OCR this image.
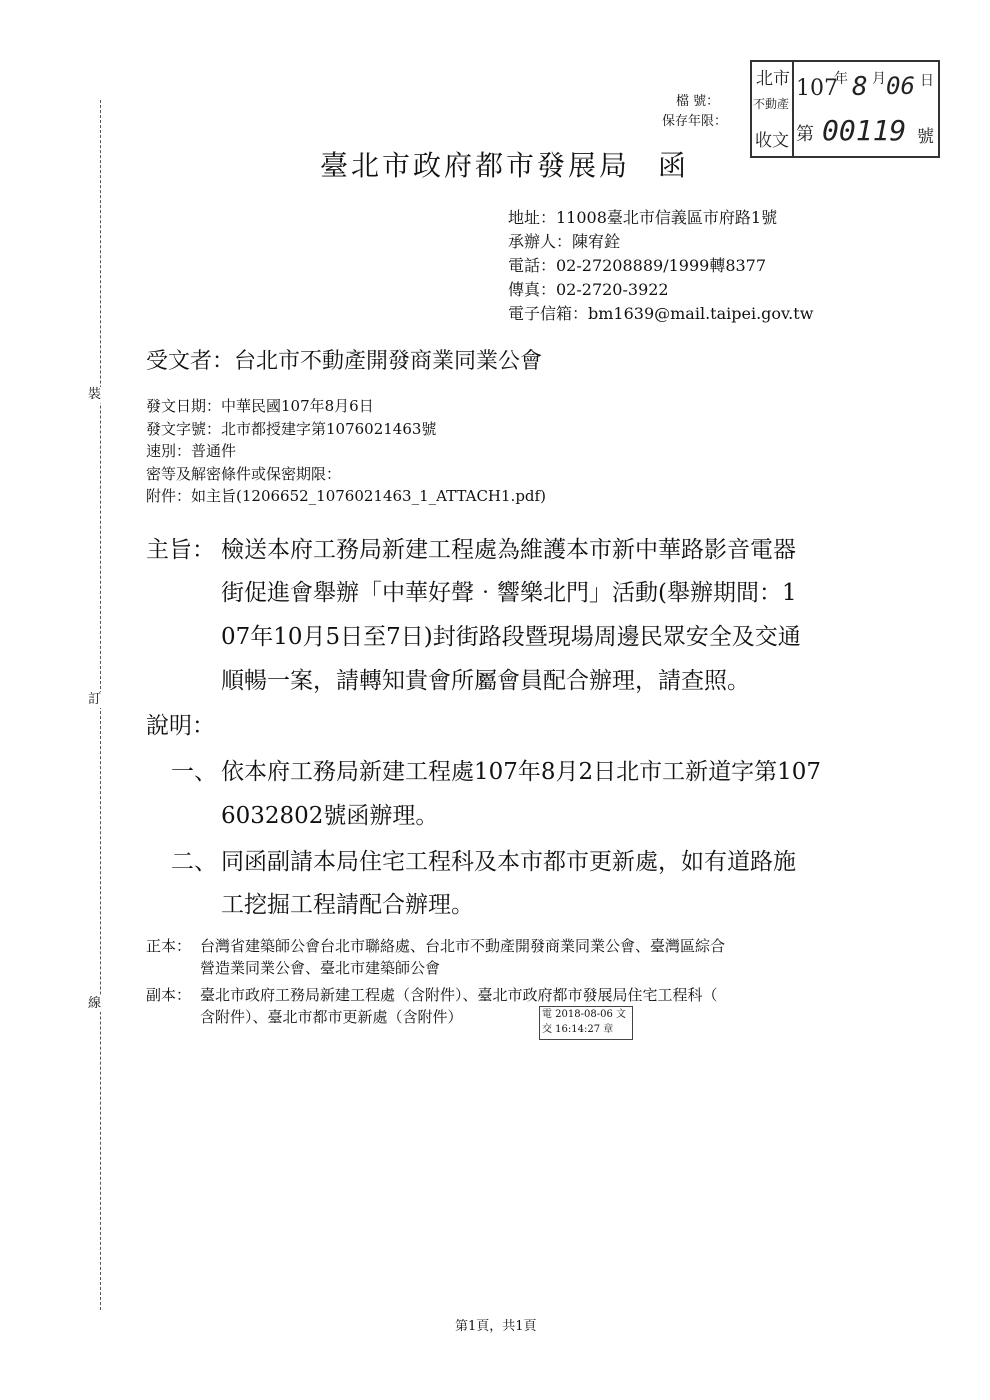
裝
訂
線
檔 號：
保存年限：
北市
不動產
收文
107
年 8 月 06 日
第 00119 號
臺北市政府都市發展局 函
地址：11008臺北市信義區市府路1號
承辦人：陳宥銓
電話：02-27208889/1999轉8377
傳真：02-2720-3922
電子信箱：bm1639@mail.taipei.gov.tw
受文者：台北市不動產開發商業同業公會
發文日期：中華民國107年8月6日
發文字號：北市都授建字第1076021463號
速別：普通件
密等及解密條件或保密期限：
附件：如主旨(1206652_1076021463_1_ATTACH1.pdf)
主旨： 檢送本府工務局新建工程處為維護本市新中華路影音電器
街促進會舉辦「中華好聲‧響樂北門」活動(舉辦期間：1
07年10月5日至7日)封街路段暨現場周邊民眾安全及交通
順暢一案，請轉知貴會所屬會員配合辦理，請查照。
說明：
一、 依本府工務局新建工程處107年8月2日北市工新道字第107
6032802號函辦理。
二、 同函副請本局住宅工程科及本市都市更新處，如有道路施
工挖掘工程請配合辦理。
正本： 台灣省建築師公會台北市聯絡處、台北市不動產開發商業同業公會、臺灣區綜合
營造業同業公會、臺北市建築師公會
副本： 臺北市政府工務局新建工程處（含附件）、臺北市政府都市發展局住宅工程科（
含附件）、臺北市都市更新處（含附件）	電 2018-08-06 文
交 16:14:27 章
第1頁，共1頁
